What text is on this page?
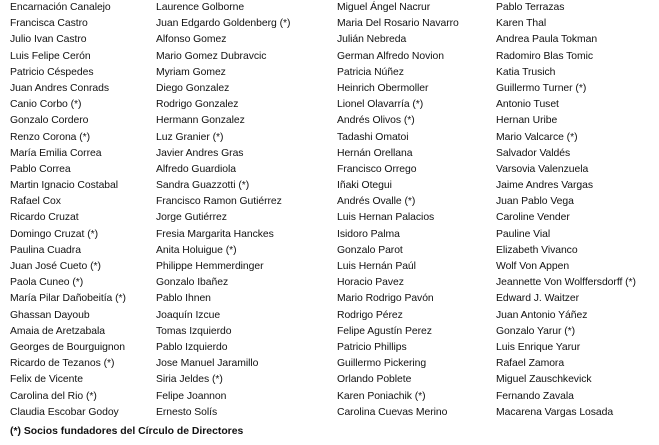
Encarnación Canalejo
Francisca Castro
Julio Ivan Castro
Luis Felipe Cerón
Patricio Céspedes
Juan Andres Conrads
Canio Corbo (*)
Gonzalo Cordero
Renzo Corona (*)
María Emilia Correa
Pablo Correa
Martin Ignacio Costabal
Rafael Cox
Ricardo Cruzat
Domingo Cruzat (*)
Paulina Cuadra
Juan José Cueto (*)
Paola Cuneo (*)
María Pilar Dañobeitía (*)
Ghassan Dayoub
Amaia de Aretzabala
Georges de Bourguignon
Ricardo de Tezanos (*)
Felix de Vicente
Carolina del Rio (*)
Claudia Escobar Godoy
Laurence Golborne
Juan Edgardo Goldenberg (*)
Alfonso Gomez
Mario Gomez Dubravcic
Myriam Gomez
Diego Gonzalez
Rodrigo Gonzalez
Hermann Gonzalez
Luz Granier (*)
Javier Andres Gras
Alfredo Guardiola
Sandra Guazzotti (*)
Francisco Ramon Gutiérrez
Jorge Gutiérrez
Fresia Margarita Hanckes
Anita Holuigue (*)
Philippe Hemmerdinger
Gonzalo Ibañez
Pablo Ihnen
Joaquín Izcue
Tomas Izquierdo
Pablo Izquierdo
Jose Manuel Jaramillo
Siria Jeldes (*)
Felipe Joannon
Ernesto Solís
Miguel Ángel Nacrur
Maria Del Rosario Navarro
Julián Nebreda
German Alfredo Novion
Patricia Núñez
Heinrich Obermoller
Lionel Olavarría (*)
Andrés Olivos (*)
Tadashi Omatoi
Hernán Orellana
Francisco Orrego
Iñaki Otegui
Andrés Ovalle (*)
Luis Hernan Palacios
Isidoro Palma
Gonzalo Parot
Luis Hernán Paúl
Horacio Pavez
Mario Rodrigo Pavón
Rodrigo Pérez
Felipe Agustín Perez
Patricio Phillips
Guillermo Pickering
Orlando Poblete
Karen Poniachik (*)
Carolina Cuevas Merino
Pablo Terrazas
Karen Thal
Andrea Paula Tokman
Radomiro Blas Tomic
Katia Trusich
Guillermo Turner (*)
Antonio Tuset
Hernan Uribe
Mario Valcarce (*)
Salvador Valdés
Varsovia Valenzuela
Jaime Andres Vargas
Juan Pablo Vega
Caroline Vender
Pauline Vial
Elizabeth Vivanco
Wolf Von Appen
Jeannette Von Wolffersdorff (*)
Edward J. Waitzer
Juan Antonio Yáñez
Gonzalo Yarur (*)
Luis Enrique Yarur
Rafael Zamora
Miguel Zauschkevick
Fernando Zavala
Macarena Vargas Losada
(*) Socios fundadores del Círculo de Directores
